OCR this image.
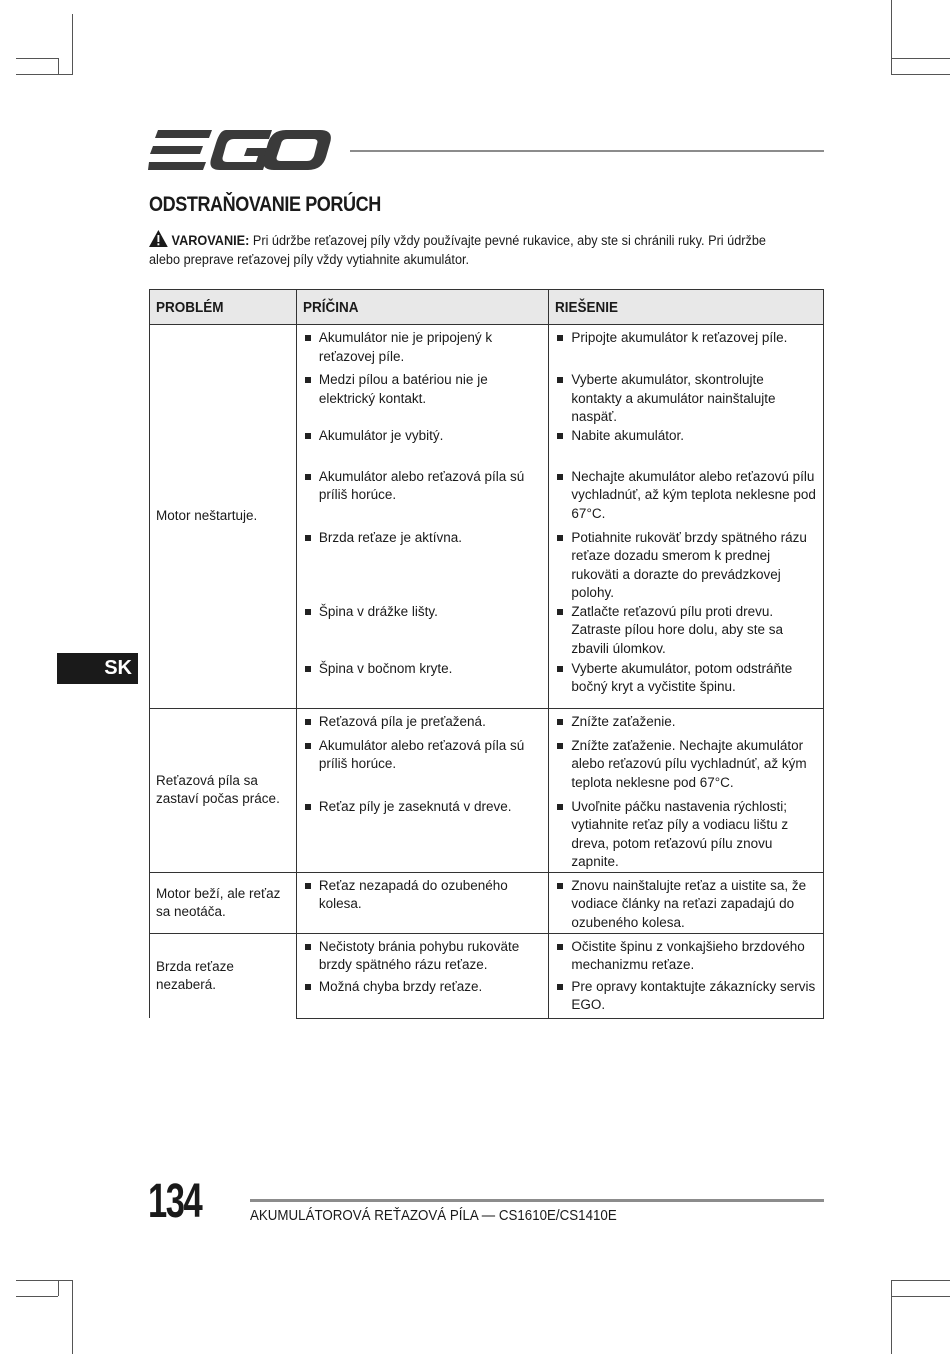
ODSTRAŇOVANIE PORÚCH
VAROVANIE: Pri údržbe reťazovej píly vždy používajte pevné rukavice, aby ste si chránili ruky. Pri údržbe alebo preprave reťazovej píly vždy vytiahnite akumulátor.
PROBLÉM	PRÍČINA	RIEŠENIE
Motor neštartuje.	Akumulátor nie je pripojený k reťazovej píle.	Pripojte akumulátor k reťazovej píle.

	Medzi pílou a batériou nie je elektrický kontakt.	Vyberte akumulátor, skontrolujte kontakty a akumulátor nainštalujte naspäť.

	Akumulátor je vybitý.	Nabite akumulátor.

	Akumulátor alebo reťazová píla sú príliš horúce.	Nechajte akumulátor alebo reťazovú pílu vychladnúť, až kým teplota neklesne pod 67°C.

	Brzda reťaze je aktívna.	Potiahnite rukoväť brzdy spätného rázu reťaze dozadu smerom k prednej rukoväti a dorazte do prevádzkovej polohy.

	Špina v drážke lišty.	Zatlačte reťazovú pílu proti drevu. Zatraste pílou hore dolu, aby ste sa zbavili úlomkov.

	Špina v bočnom kryte.	Vyberte akumulátor, potom odstráňte bočný kryt a vyčistite špinu.

Reťazová píla sa zastaví počas práce.	Reťazová píla je preťažená.	Znížte zaťaženie.

	Akumulátor alebo reťazová píla sú príliš horúce.	Znížte zaťaženie. Nechajte akumulátor alebo reťazovú pílu vychladnúť, až kým teplota neklesne pod 67°C.

	Reťaz píly je zaseknutá v dreve.	Uvoľnite páčku nastavenia rýchlosti; vytiahnite reťaz píly a vodiacu lištu z dreva, potom reťazovú pílu znovu zapnite.

Motor beží, ale reťaz sa neotáča.	Reťaz nezapadá do ozubeného kolesa.	Znovu nainštalujte reťaz a uistite sa, že vodiace články na reťazi zapadajú do ozubeného kolesa.

Brzda reťaze nezaberá.	Nečistoty bránia pohybu rukoväte brzdy spätného rázu reťaze.	Očistite špinu z vonkajšieho brzdového mechanizmu reťaze.

	Možná chyba brzdy reťaze.	Pre opravy kontaktujte zákaznícky servis EGO.
SK
134	AKUMULÁTOROVÁ REŤAZOVÁ PÍLA — CS1610E/CS1410E
